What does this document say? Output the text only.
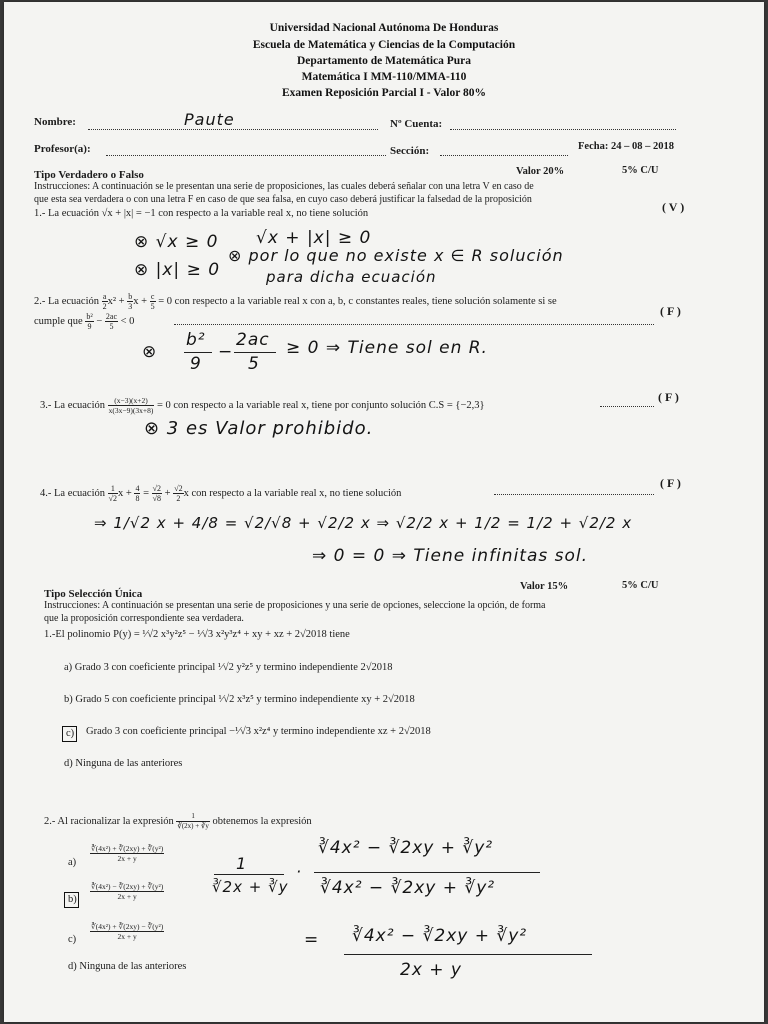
Universidad Nacional Autónoma De Honduras
Escuela de Matemática y Ciencias de la Computación
Departamento de Matemática Pura
Matemática I MM-110/MMA-110
Examen Reposición Parcial I - Valor 80%
Nombre:	Paute	Nº Cuenta:
Profesor(a):	Sección:	Fecha: 24 – 08 – 2018
Tipo Verdadero o Falso	Valor 20%	5% C/U
Instrucciones: A continuación se le presentan una serie de proposiciones, las cuales deberá señalar con una letra V en caso de
que esta sea verdadera o con una letra F en caso de que sea falsa, en cuyo caso deberá justificar la falsedad de la proposición
1.- La ecuación √x + |x| = −1 con respecto a la variable real x, no tiene solución	( V )
⊗ √x ≥ 0 √x + |x| ≥ 0
⊗ |x| ≥ 0
⊗ por lo que no existe x ∈ R solución
para dicha ecuación
2.- La ecuación $\frac{a}{2} x^2 + \frac{b}{3}$ $x + \frac{c}{5} = 0$ con respecto a la variable real x con a, b, c constantes reales, tiene solución solamente si se
cumple que $\frac{\text{b²}}{9} - \frac{2ac}{5} < 0$
( F )
⊗
b²
9
−
2ac
5
≥ 0 ⇒ Tiene sol en R.
3.- La ecuación $\frac{(x-3)(x+2)}{x(3x-9)(3x+8)} = 0$ con respecto a la variable real x, tiene por conjunto solución C.S = {−2,3}
( F )
⊗ 3 es Valor prohibido.
4.- La ecuación $\frac{1}{√2}$ $x + \frac{4}{8} = \frac{√2}{√8} + \frac{√2}{2}$ x con respecto a la variable real x, no tiene solución
( F )
⇒ 1/√2 x + 4/8 = √2/√8 + √2/2 x ⇒ √2/2 x + 1/2 = 1/2 + √2/2 x
⇒ 0 = 0 ⇒ Tiene infinitas sol.
Tipo Selección Única
Valor 15%	5% C/U
Instrucciones: A continuación se presentan una serie de proposiciones y una serie de opciones, seleccione la opción, de forma
que la proposición correspondiente sea verdadera.
1.-El polinomio P(y) = ¹⁄√2 x³y²z⁵ − ¹⁄√3 x²y³z⁴ + xy + xz + 2√2018 tiene
a) Grado 3 con coeficiente principal ¹⁄√2 y²z⁵ y termino independiente 2√2018
b) Grado 5 con coeficiente principal ¹⁄√2 x³z⁵ y termino independiente xy + 2√2018
c) Grado 3 con coeficiente principal −¹⁄√3 x²z⁴ y termino independiente xz + 2√2018
d) Ninguna de las anteriores
2.- Al racionalizar la expresión $\frac{1}{∛(2x) + ∛y}$ obtenemos la expresión
$a) \frac{\text{∛(4x²) + ∛(2xy) + ∛(y²)}}{2x + y}$
$b) \frac{\text{∛(4x²) − ∛(2xy) + ∛(y²)}}{2x + y}$
$c) \frac{\text{∛(4x²) + ∛(2xy) − ∛(y²)}}{2x + y}$
d) Ninguna de las anteriores
1
∛2x + ∛y
·
∛4x² − ∛2xy + ∛y²
∛4x² − ∛2xy + ∛y²
= ∛4x² − ∛2xy + ∛y²
2x + y
